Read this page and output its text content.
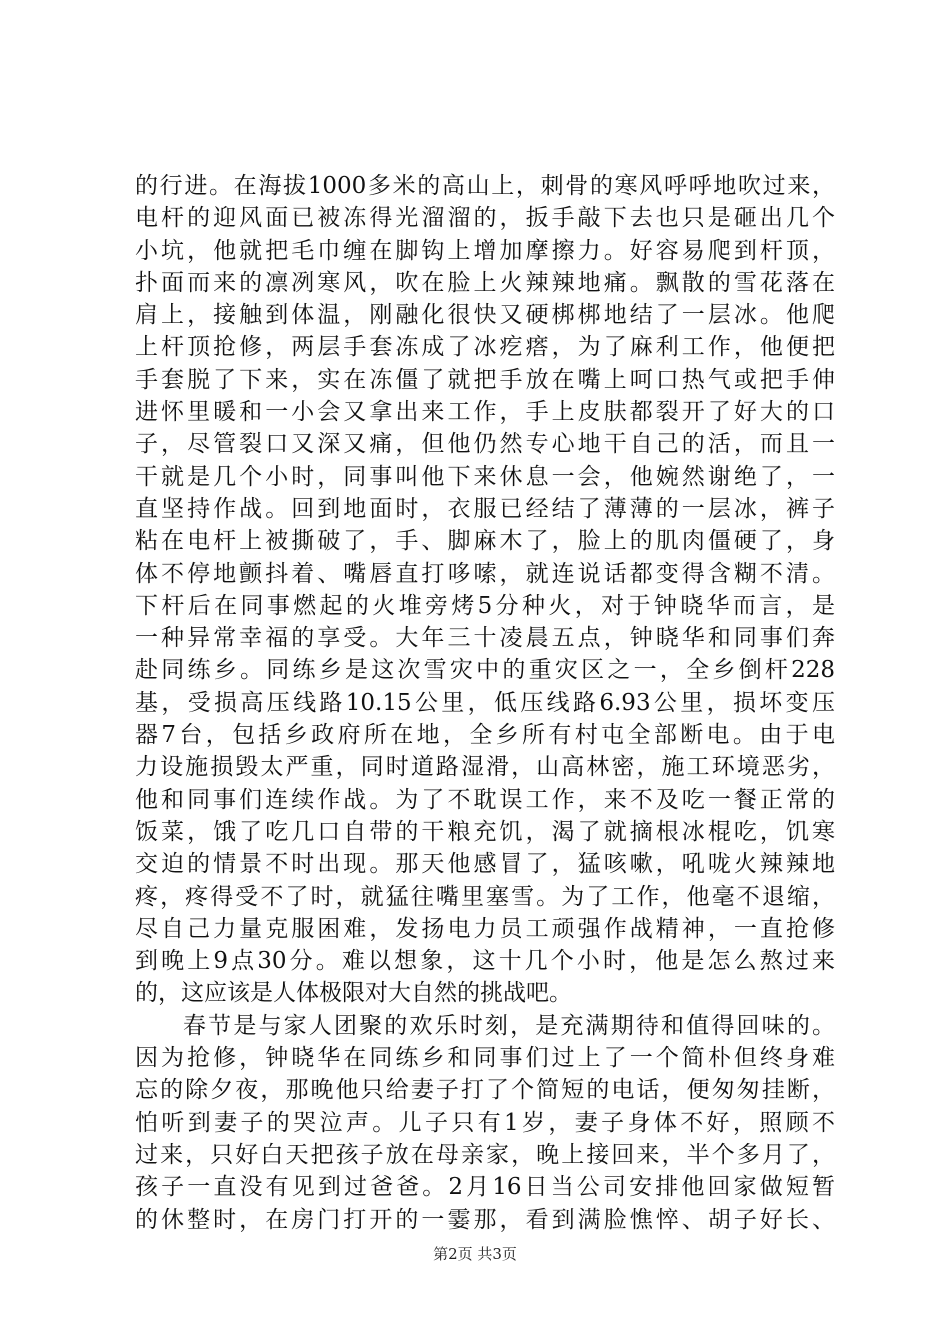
的行进。在海拔1000多米的高山上，刺骨的寒风呼呼地吹过来，
电杆的迎风面已被冻得光溜溜的，扳手敲下去也只是砸出几个
小坑，他就把毛巾缠在脚钩上增加摩擦力。好容易爬到杆顶，
扑面而来的凛冽寒风，吹在脸上火辣辣地痛。飘散的雪花落在
肩上，接触到体温，刚融化很快又硬梆梆地结了一层冰。他爬
上杆顶抢修，两层手套冻成了冰疙瘩，为了麻利工作，他便把
手套脱了下来，实在冻僵了就把手放在嘴上呵口热气或把手伸
进怀里暖和一小会又拿出来工作，手上皮肤都裂开了好大的口
子，尽管裂口又深又痛，但他仍然专心地干自己的活，而且一
干就是几个小时，同事叫他下来休息一会，他婉然谢绝了，一
直坚持作战。回到地面时，衣服已经结了薄薄的一层冰，裤子
粘在电杆上被撕破了，手、脚麻木了，脸上的肌肉僵硬了，身
体不停地颤抖着、嘴唇直打哆嗦，就连说话都变得含糊不清。
下杆后在同事燃起的火堆旁烤5分种火，对于钟晓华而言，是
一种异常幸福的享受。大年三十凌晨五点，钟晓华和同事们奔
赴同练乡。同练乡是这次雪灾中的重灾区之一，全乡倒杆228
基，受损高压线路10.15公里，低压线路6.93公里，损坏变压
器7台，包括乡政府所在地，全乡所有村屯全部断电。由于电
力设施损毁太严重，同时道路湿滑，山高林密，施工环境恶劣，
他和同事们连续作战。为了不耽误工作，来不及吃一餐正常的
饭菜，饿了吃几口自带的干粮充饥，渴了就摘根冰棍吃，饥寒
交迫的情景不时出现。那天他感冒了，猛咳嗽，吼咙火辣辣地
疼，疼得受不了时，就猛往嘴里塞雪。为了工作，他毫不退缩，
尽自己力量克服困难，发扬电力员工顽强作战精神，一直抢修
到晚上9点30分。难以想象，这十几个小时，他是怎么熬过来
的，这应该是人体极限对大自然的挑战吧。
春节是与家人团聚的欢乐时刻，是充满期待和值得回味的。
因为抢修，钟晓华在同练乡和同事们过上了一个简朴但终身难
忘的除夕夜，那晚他只给妻子打了个简短的电话，便匆匆挂断，
怕听到妻子的哭泣声。儿子只有1岁，妻子身体不好，照顾不
过来，只好白天把孩子放在母亲家，晚上接回来，半个多月了，
孩子一直没有见到过爸爸。2月16日当公司安排他回家做短暂
的休整时，在房门打开的一霎那，看到满脸憔悴、胡子好长、
第2页 共3页
